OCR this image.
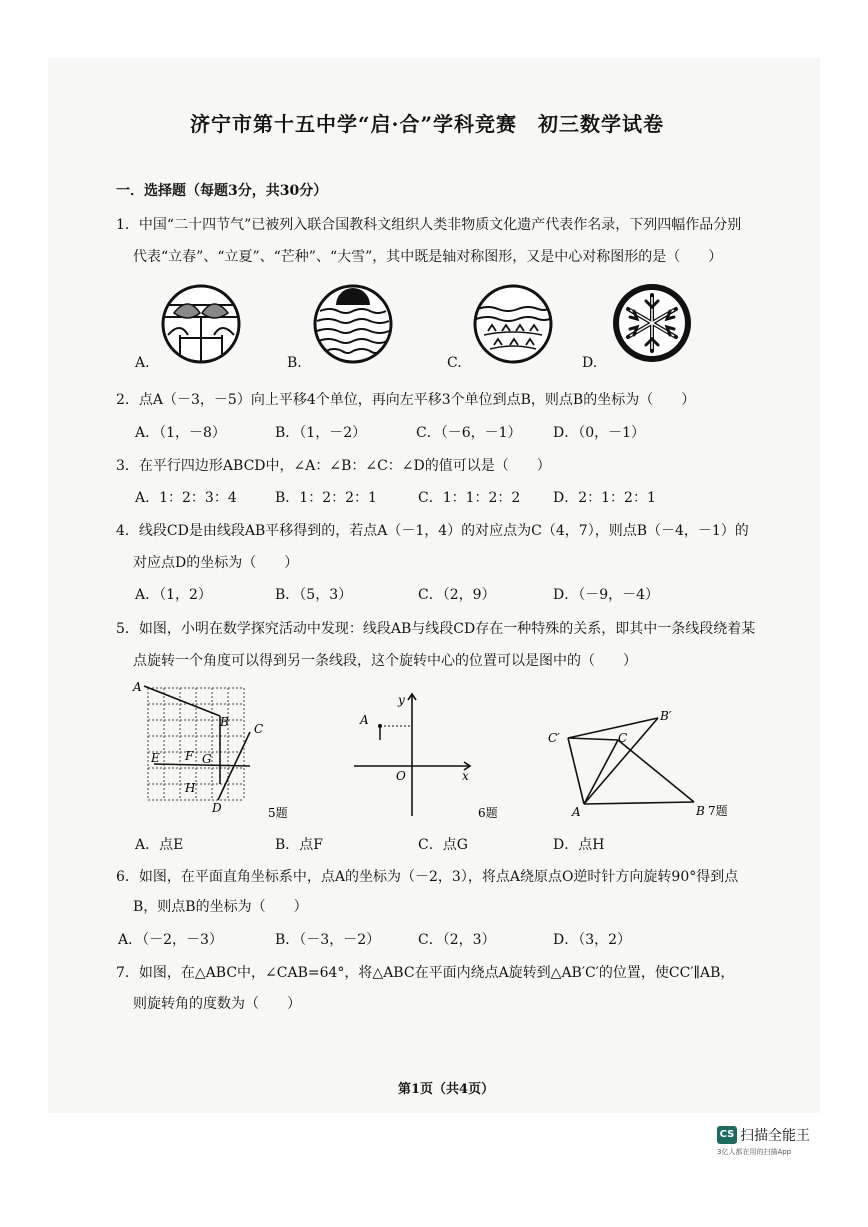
济宁市第十五中学“启·合”学科竞赛　初三数学试卷
一．选择题（每题3分，共30分）
1．中国“二十四节气”已被列入联合国教科文组织人类非物质文化遗产代表作名录，下列四幅作品分别
代表“立春”、“立夏”、“芒种”、“大雪”，其中既是轴对称图形，又是中心对称图形的是（　　）
A.	B.	C.	D.
2．点A（－3，－5）向上平移4个单位，再向左平移3个单位到点B，则点B的坐标为（　　）
A．（1，－8）	B．（1，－2）	C．（－6，－1） D．（0，－1）
3．在平行四边形ABCD中，∠A：∠B：∠C：∠D的值可以是（　　）
A．1：2：3：4	B．1：2：2：1	C．1：1：2：2 D．2：1：2：1
4．线段CD是由线段AB平移得到的，若点A（－1，4）的对应点为C（4，7），则点B（－4，－1）的
对应点D的坐标为（　　）
A．（1，2）	B．（5，3）	C．（2，9）	D．（－9，－4）
5．如图，小明在数学探究活动中发现：线段AB与线段CD存在一种特殊的关系，即其中一条线段绕着某
点旋转一个角度可以得到另一条线段，这个旋转中心的位置可以是图中的（　　）
A
B C
E F G
H
D	5题
y
A
O	x
6题
C′
B′
C
A	B 7题
A．点E	B．点F	C．点G	D．点H
6．如图，在平面直角坐标系中，点A的坐标为（－2，3），将点A绕原点O逆时针方向旋转90°得到点
B，则点B的坐标为（　　）
A．（－2，－3）	B．（－3，－2）	C．（2，3）	D．（3，2）
7．如图，在△ABC中，∠CAB=64°，将△ABC在平面内绕点A旋转到△AB′C′的位置，使CC′∥AB，
则旋转角的度数为（　　）
第1页（共4页）
CS 扫描全能王
3亿人都在用的扫描App
